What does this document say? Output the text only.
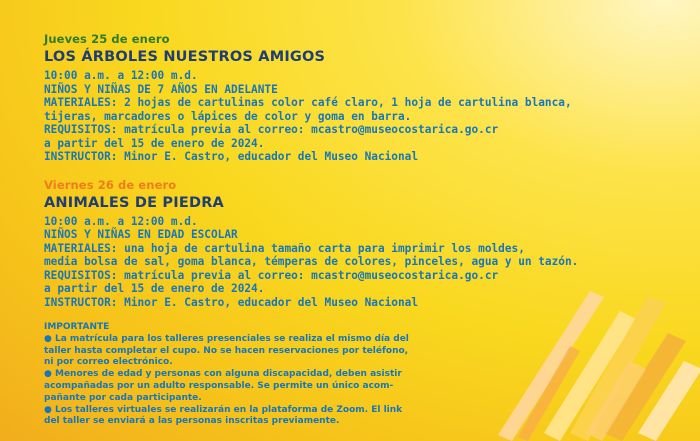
Jueves 25 de enero
LOS ÁRBOLES NUESTROS AMIGOS
10:00 a.m. a 12:00 m.d.
NIÑOS Y NIÑAS DE 7 AÑOS EN ADELANTE
MATERIALES: 2 hojas de cartulinas color café claro, 1 hoja de cartulina blanca,
tijeras, marcadores o lápices de color y goma en barra.
REQUISITOS: matrícula previa al correo: mcastro@museocostarica.go.cr
a partir del 15 de enero de 2024.
INSTRUCTOR: Minor E. Castro, educador del Museo Nacional
Viernes 26 de enero
ANIMALES DE PIEDRA
10:00 a.m. a 12:00 m.d.
NIÑOS Y NIÑAS EN EDAD ESCOLAR
MATERIALES: una hoja de cartulina tamaño carta para imprimir los moldes,
media bolsa de sal, goma blanca, témperas de colores, pinceles, agua y un tazón.
REQUISITOS: matrícula previa al correo: mcastro@museocostarica.go.cr
a partir del 15 de enero de 2024.
INSTRUCTOR: Minor E. Castro, educador del Museo Nacional
IMPORTANTE
● La matrícula para los talleres presenciales se realiza el mismo día del
taller hasta completar el cupo. No se hacen reservaciones por teléfono,
ni por correo electrónico.
● Menores de edad y personas con alguna discapacidad, deben asistir
acompañadas por un adulto responsable. Se permite un único acom-
pañante por cada participante.
● Los talleres virtuales se realizarán en la plataforma de Zoom. El link
del taller se enviará a las personas inscritas previamente.
